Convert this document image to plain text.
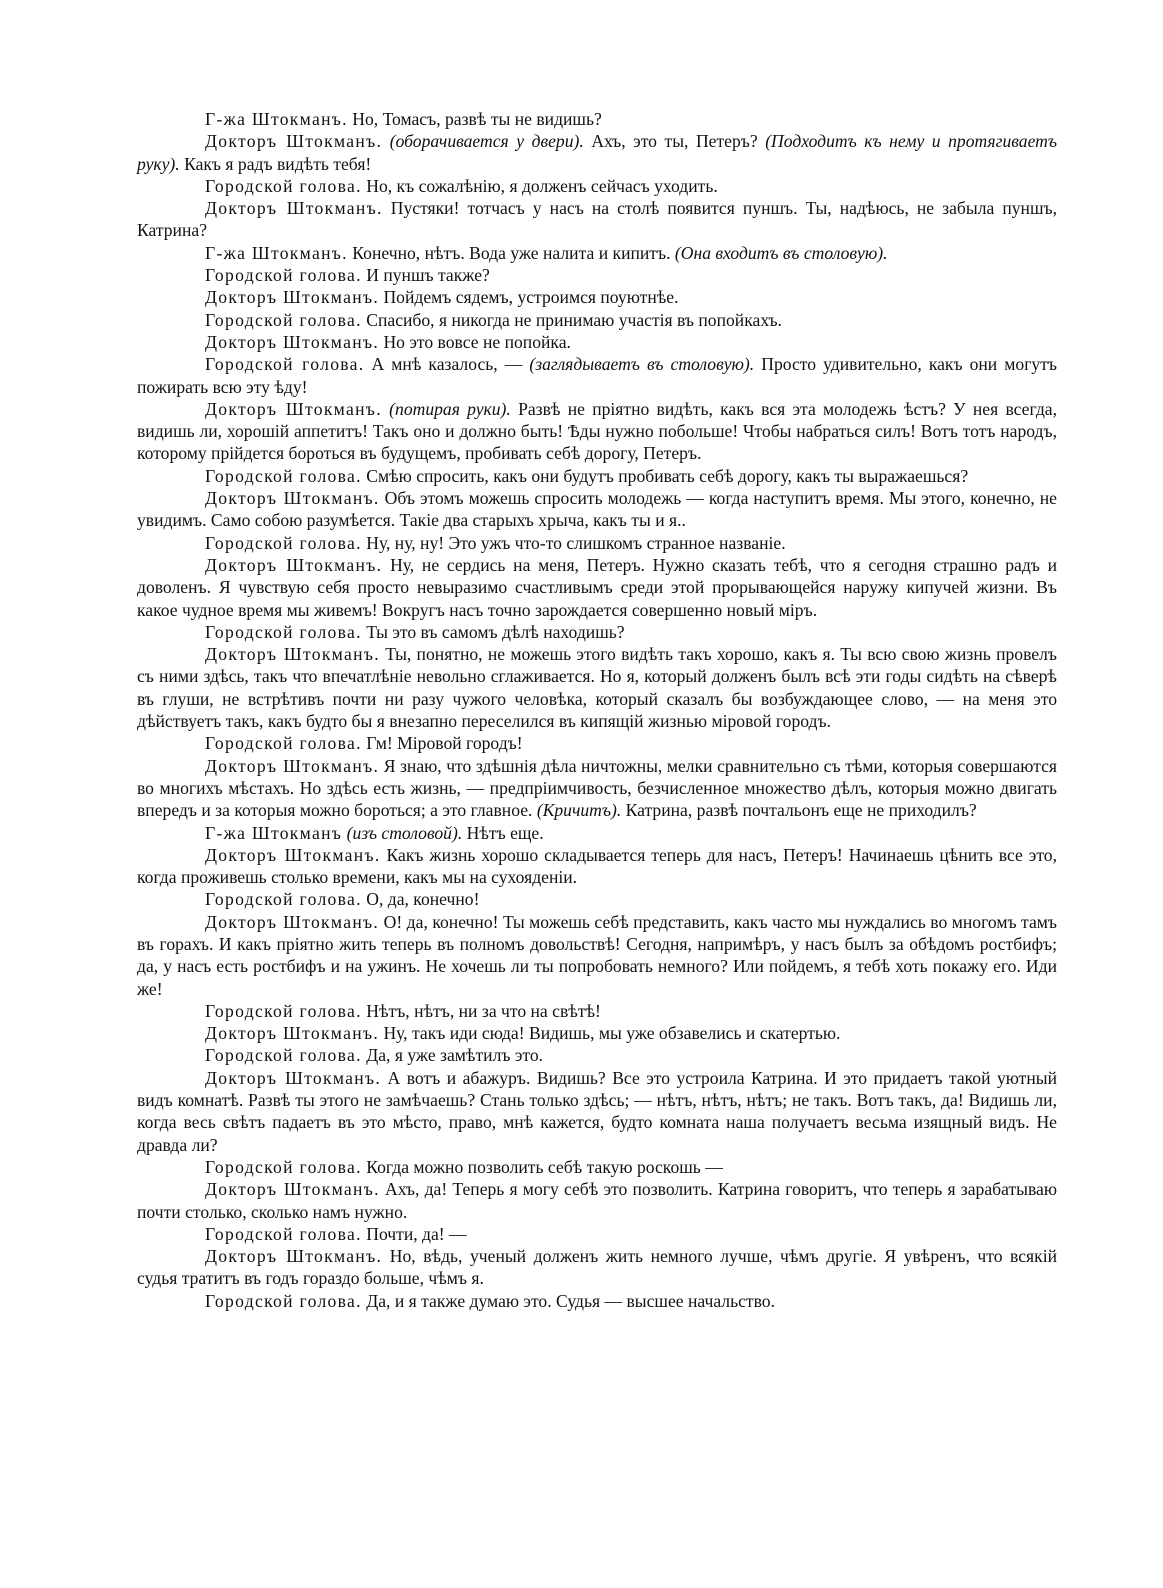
Г-жа Штокманъ. Но, Томасъ, развѣ ты не видишь?

Докторъ Штокманъ. (оборачивается у двери). Ахъ, это ты, Петеръ? (Подходитъ къ нему и протягиваетъ руку). Какъ я радъ видѣть тебя!

Городской голова. Но, къ сожалѣнію, я долженъ сейчасъ уходить.

Докторъ Штокманъ. Пустяки! тотчасъ у насъ на столѣ появится пуншъ. Ты, надѣюсь, не забыла пуншъ, Катрина?

Г-жа Штокманъ. Конечно, нѣтъ. Вода уже налита и кипитъ. (Она входитъ въ столовую).

Городской голова. И пуншъ также?

Докторъ Штокманъ. Пойдемъ сядемъ, устроимся поуютнѣе.

Городской голова. Спасибо, я никогда не принимаю участія въ попойкахъ.

Докторъ Штокманъ. Но это вовсе не попойка.

Городской голова. А мнѣ казалось, — (заглядываетъ въ столовую). Просто удивительно, какъ они могутъ пожирать всю эту ѣду!

Докторъ Штокманъ. (потирая руки). Развѣ не пріятно видѣть, какъ вся эта молодежь ѣстъ? У нея всегда, видишь ли, хорошій аппетитъ! Такъ оно и должно быть! Ѣды нужно побольше! Чтобы набраться силъ! Вотъ тотъ народъ, которому прійдется бороться въ будущемъ, пробивать себѣ дорогу, Петеръ.

Городской голова. Смѣю спросить, какъ они будутъ пробивать себѣ дорогу, какъ ты выражаешься?

Докторъ Штокманъ. Объ этомъ можешь спросить молодежь — когда наступитъ время. Мы этого, конечно, не увидимъ. Само собою разумѣется. Такіе два старыхъ хрыча, какъ ты и я..

Городской голова. Ну, ну, ну! Это ужъ что-то слишкомъ странное названіе.

Докторъ Штокманъ. Ну, не сердись на меня, Петеръ. Нужно сказать тебѣ, что я сегодня страшно радъ и доволенъ. Я чувствую себя просто невыразимо счастливымъ среди этой прорывающейся наружу кипучей жизни. Въ какое чудное время мы живемъ! Вокругъ насъ точно зарождается совершенно новый міръ.

Городской голова. Ты это въ самомъ дѣлѣ находишь?

Докторъ Штокманъ. Ты, понятно, не можешь этого видѣть такъ хорошо, какъ я. Ты всю свою жизнь провелъ съ ними здѣсь, такъ что впечатлѣніе невольно сглаживается. Но я, который долженъ былъ всѣ эти годы сидѣть на сѣверѣ въ глуши, не встрѣтивъ почти ни разу чужого человѣка, который сказалъ бы возбуждающее слово, — на меня это дѣйствуетъ такъ, какъ будто бы я внезапно переселился въ кипящій жизнью міровой городъ.

Городской голова. Гм! Міровой городъ!

Докторъ Штокманъ. Я знаю, что здѣшнія дѣла ничтожны, мелки сравнительно съ тѣми, которыя совершаются во многихъ мѣстахъ. Но здѣсь есть жизнь, — предпріимчивость, безчисленное множество дѣлъ, которыя можно двигать впередъ и за которыя можно бороться; а это главное. (Кричитъ). Катрина, развѣ почтальонъ еще не приходилъ?

Г-жа Штокманъ (изъ столовой). Нѣтъ еще.

Докторъ Штокманъ. Какъ жизнь хорошо складывается теперь для насъ, Петеръ! Начинаешь цѣнить все это, когда проживешь столько времени, какъ мы на сухояденіи.

Городской голова. О, да, конечно!

Докторъ Штокманъ. О! да, конечно! Ты можешь себѣ представить, какъ часто мы нуждались во многомъ тамъ въ горахъ. И какъ пріятно жить теперь въ полномъ довольствѣ! Сегодня, напримѣръ, у насъ былъ за обѣдомъ ростбифъ; да, у насъ есть ростбифъ и на ужинъ. Не хочешь ли ты попробовать немного? Или пойдемъ, я тебѣ хоть покажу его. Иди же!

Городской голова. Нѣтъ, нѣтъ, ни за что на свѣтѣ!

Докторъ Штокманъ. Ну, такъ иди сюда! Видишь, мы уже обзавелись и скатертью.

Городской голова. Да, я уже замѣтилъ это.

Докторъ Штокманъ. А вотъ и абажуръ. Видишь? Все это устроила Катрина. И это придаетъ такой уютный видъ комнатѣ. Развѣ ты этого не замѣчаешь? Стань только здѣсь; — нѣтъ, нѣтъ, нѣтъ; не такъ. Вотъ такъ, да! Видишь ли, когда весь свѣтъ падаетъ въ это мѣсто, право, мнѣ кажется, будто комната наша получаетъ весьма изящный видъ. Не дравда ли?

Городской голова. Когда можно позволить себѣ такую роскошь —

Докторъ Штокманъ. Ахъ, да! Теперь я могу себѣ это позволить. Катрина говоритъ, что теперь я зарабатываю почти столько, сколько намъ нужно.

Городской голова. Почти, да! —

Докторъ Штокманъ. Но, вѣдь, ученый долженъ жить немного лучше, чѣмъ другіе. Я увѣренъ, что всякій судья тратитъ въ годъ гораздо больше, чѣмъ я.

Городской голова. Да, и я также думаю это. Судья — высшее начальство.
